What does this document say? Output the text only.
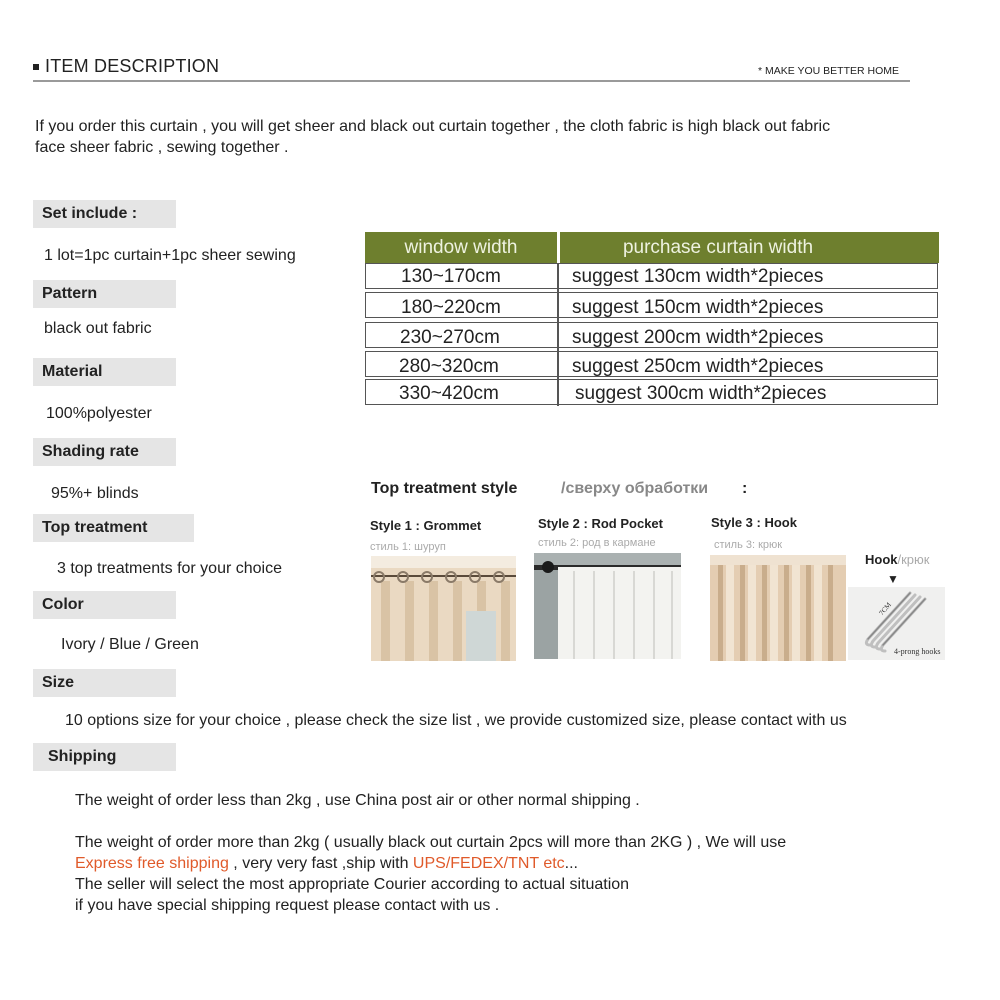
ITEM DESCRIPTION	* MAKE YOU BETTER HOME
If you order this curtain , you will get sheer and black out curtain together , the cloth fabric is high black out fabric
face sheer fabric , sewing together .
Set include :
1 lot=1pc curtain+1pc sheer sewing
Pattern
black out fabric
Material
100%polyester
Shading rate
95%+ blinds
Top treatment
3 top treatments for your choice
Color
Ivory / Blue / Green
Size
10 options size for your choice , please check the size list , we provide customized size, please contact with us
Shipping
window width	purchase curtain width
130~170cm	suggest 130cm width*2pieces
180~220cm	suggest 150cm width*2pieces
230~270cm	suggest 200cm width*2pieces
280~320cm	suggest 250cm width*2pieces
330~420cm	suggest 300cm width*2pieces
Top treatment style	/сверху обработки :
Style 1 : Grommet
стиль 1: шуруп
Style 2 : Rod Pocket
стиль 2: род в кармане
Style 3 : Hook
стиль 3: крюк
Hook/крюк
▼
7CM
4-prong hooks
The weight of order less than 2kg , use China post air or other normal shipping .
The weight of order more than 2kg ( usually black out curtain 2pcs will more than 2KG ) , We will use
Express free shipping , very very fast ,ship with UPS/FEDEX/TNT etc...
The seller will select the most appropriate Courier according to actual situation
if you have special shipping request please contact with us .
